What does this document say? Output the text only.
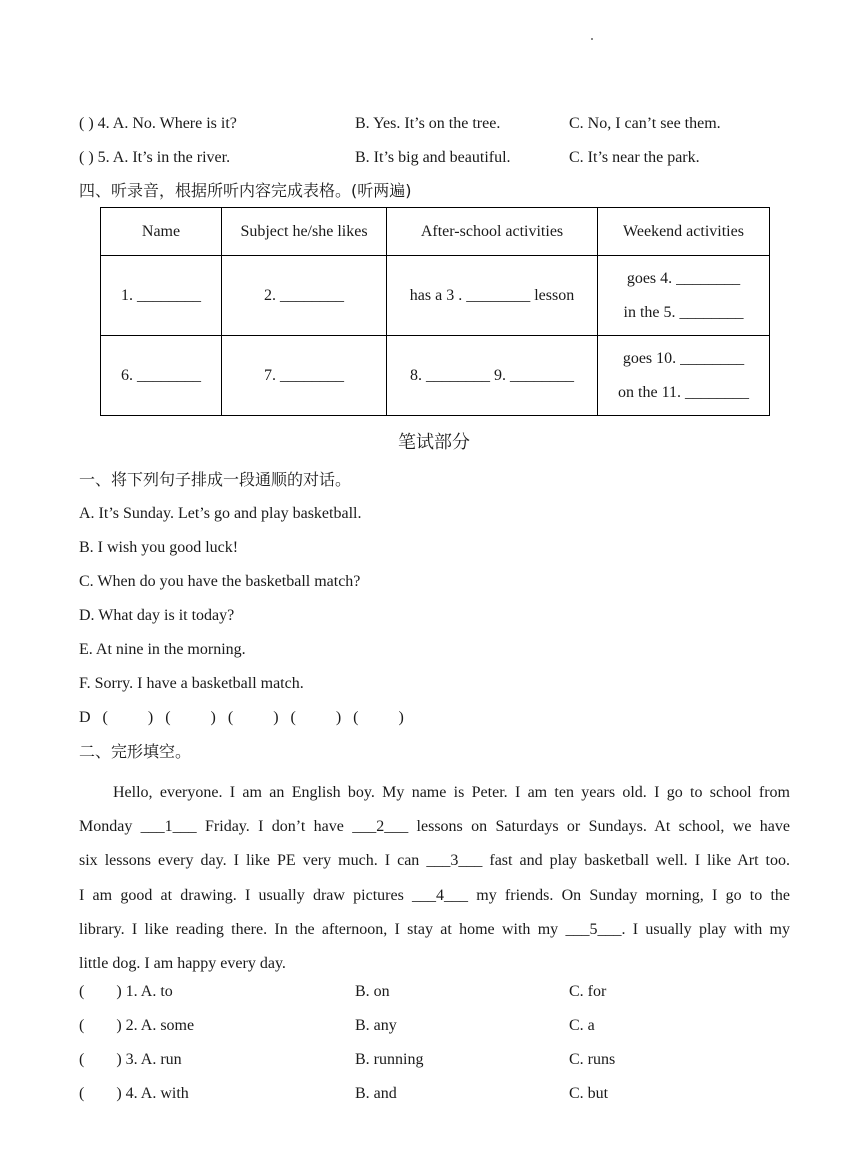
( ) 4. A. No. Where is it?	B. Yes. It’s on the tree.	C. No, I can’t see them.
( ) 5. A. It’s in the river.	B. It’s big and beautiful.	C. It’s near the park.
四、听录音，根据所听内容完成表格。(听两遍)
Name	Subject he/she likes	After-school activities	Weekend activities
1. ________	2. ________	has a 3 . ________ lesson	goes 4. ________
in the 5. ________

6. ________	7. ________	8. ________ 9. ________	goes 10. ________
on the 11. ________
笔试部分
一、将下列句子排成一段通顺的对话。
A. It’s Sunday. Let’s go and play basketball.
B. I wish you good luck!
C. When do you have the basketball match?
D. What day is it today?
E. At nine in the morning.
F. Sorry. I have a basketball match.
D   (          )   (          )   (          )   (          )   (          )
二、完形填空。
Hello, everyone. I am an English boy. My name is Peter. I am ten years old. I go to school from
Monday ___1___ Friday. I don’t have ___2___ lessons on Saturdays or Sundays. At school, we have
six lessons every day. I like PE very much. I can ___3___ fast and play basketball well. I like Art too.
I am good at drawing. I usually draw pictures ___4___ my friends. On Sunday morning, I go to the
library. I like reading there. In the afternoon, I stay at home with my ___5___. I usually play with my
little dog. I am happy every day.
(        ) 1. A. to	B. on	C. for
(        ) 2. A. some	B. any	C. a
(        ) 3. A. run	B. running	C. runs
(        ) 4. A. with	B. and	C. but
